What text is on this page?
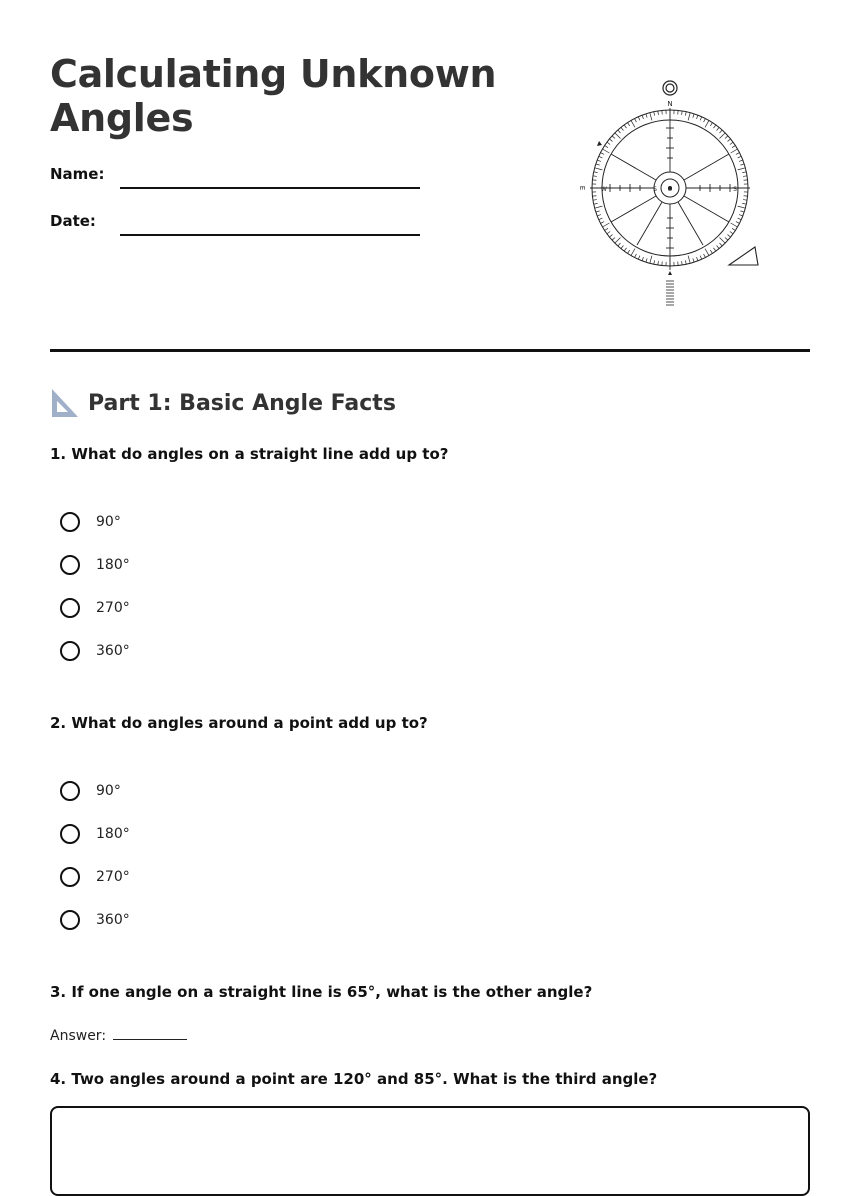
Calculating Unknown Angles
Name:
Date:
N
E	W	S
S O
Part 1: Basic Angle Facts
1. What do angles on a straight line add up to?
90°
180°
270°
360°
2. What do angles around a point add up to?
90°
180°
270°
360°
3. If one angle on a straight line is 65°, what is the other angle?
Answer:
4. Two angles around a point are 120° and 85°. What is the third angle?
